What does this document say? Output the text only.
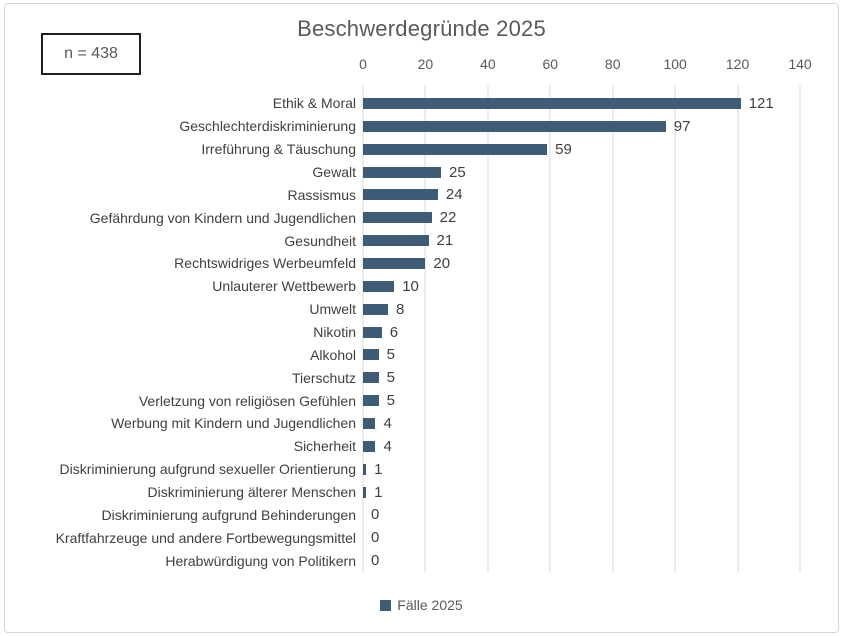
Beschwerdegründe 2025
n = 438
0	20	40	60	80	100	120	140
121
97
59
25
24
22
21
20
10
8
6
5
5
5
4
4
1
1
0
0
0
Ethik & Moral
Geschlechterdiskriminierung
Irreführung & Täuschung
Gewalt
Rassismus
Gefährdung von Kindern und Jugendlichen
Gesundheit
Rechtswidriges Werbeumfeld
Unlauterer Wettbewerb
Umwelt
Nikotin
Alkohol
Tierschutz
Verletzung von religiösen Gefühlen
Werbung mit Kindern und Jugendlichen
Sicherheit
Diskriminierung aufgrund sexueller Orientierung
Diskriminierung älterer Menschen
Diskriminierung aufgrund Behinderungen
Kraftfahrzeuge und andere Fortbewegungsmittel
Herabwürdigung von Politikern
Fälle 2025
